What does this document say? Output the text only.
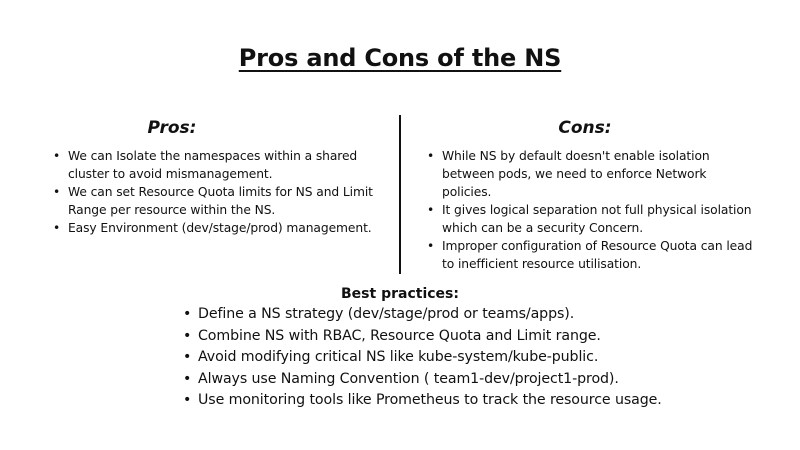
Pros and Cons of the NS
Pros:	Cons:
• We can Isolate the namespaces within a shared cluster to avoid mismanagement.
• We can set Resource Quota limits for NS and Limit Range per resource within the NS.
• Easy Environment (dev/stage/prod) management.
• While NS by default doesn't enable isolation between pods, we need to enforce Network policies.
• It gives logical separation not full physical isolation which can be a security Concern.
• Improper configuration of Resource Quota can lead to inefficient resource utilisation.
Best practices:
• Define a NS strategy (dev/stage/prod or teams/apps).
• Combine NS with RBAC, Resource Quota and Limit range.
• Avoid modifying critical NS like kube-system/kube-public.
• Always use Naming Convention ( team1-dev/project1-prod).
• Use monitoring tools like Prometheus to track the resource usage.
